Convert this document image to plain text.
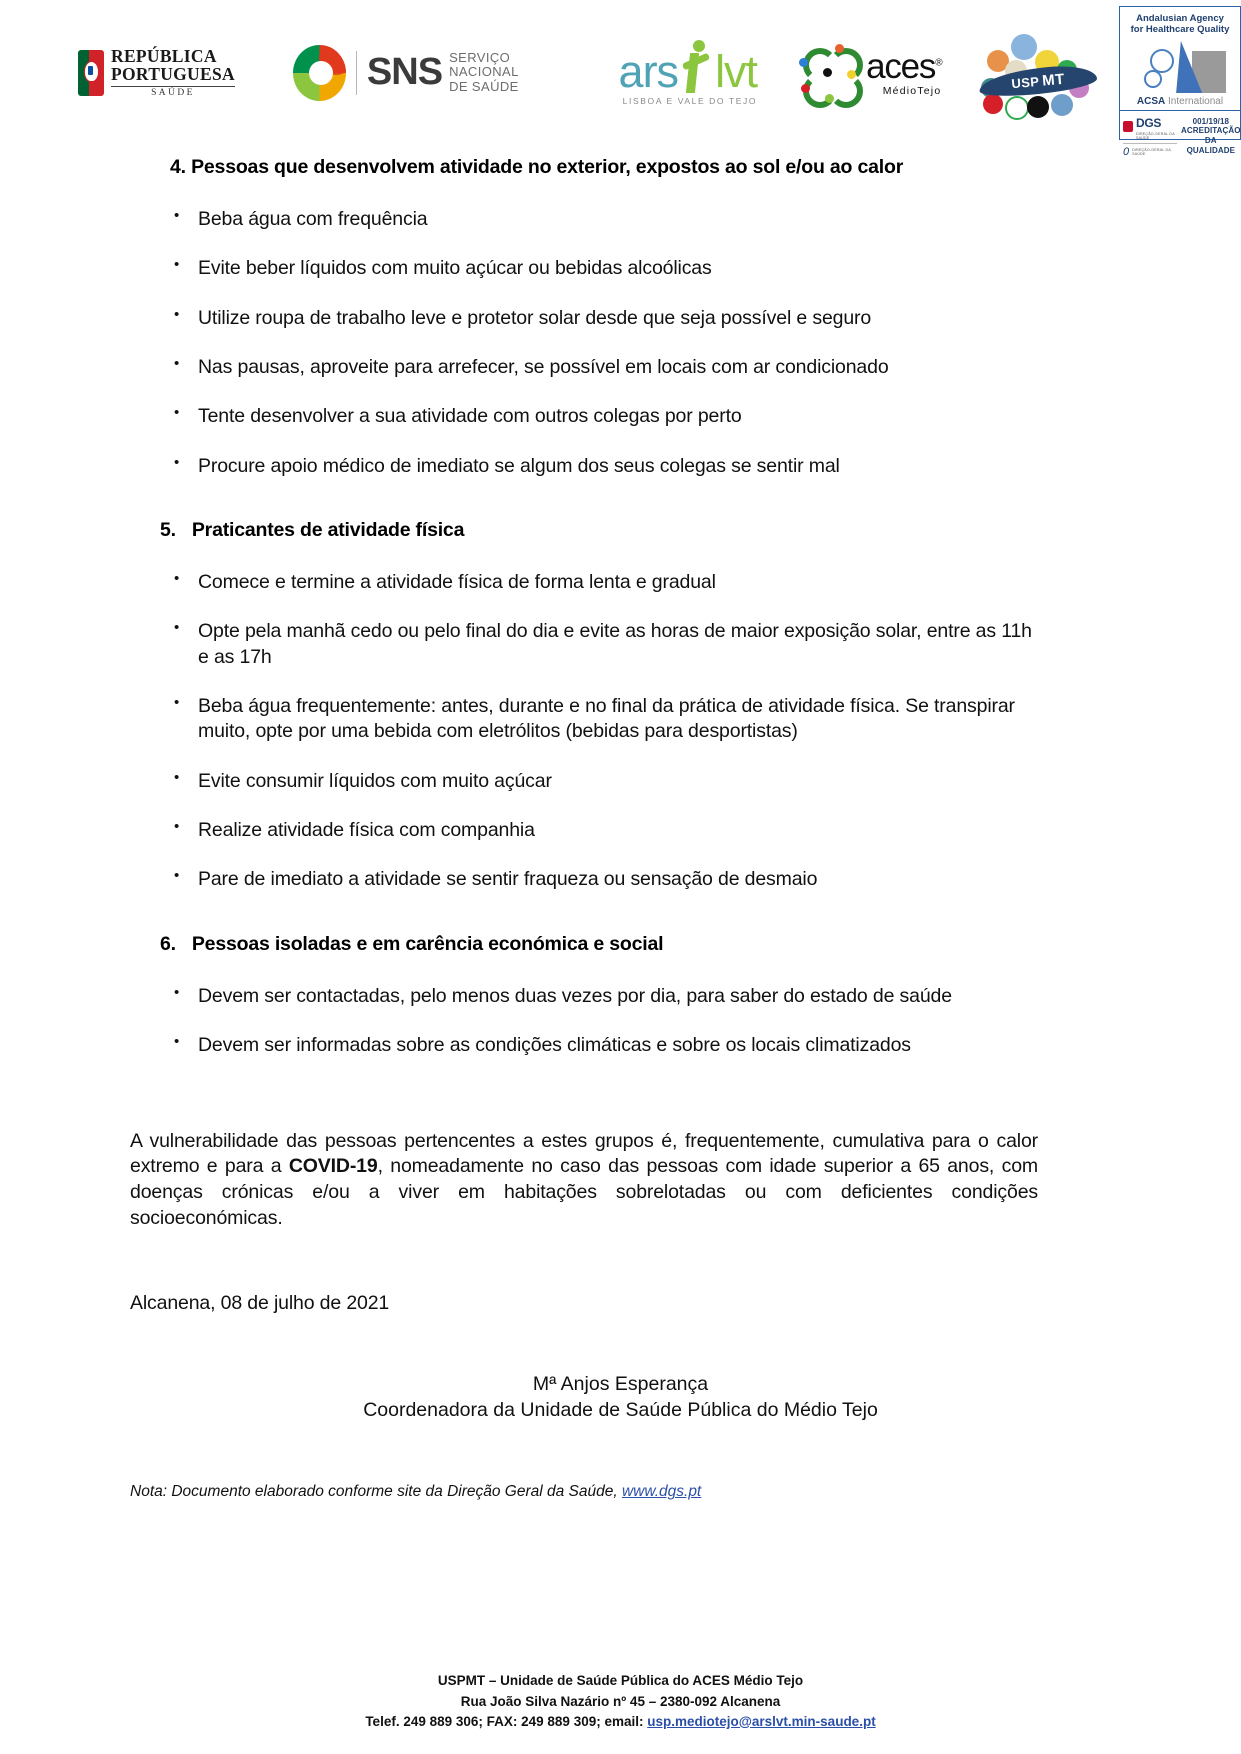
REPÚBLICA
PORTUGUESA
SAÚDE	SNS SERVIÇO NACIONAL
DE SAÚDE	ars lvt
LISBOA E VALE DO TEJO
aces®
MédioTejo
USP MT
Andalusian Agency
for Healthcare Quality
ACSA International
DGS
DIREÇÃO-GERAL DA SAÚDE
0 DIREÇÃO-GERAL DA SAÚDE
001/19/18
ACREDITAÇÃO
DA QUALIDADE
4. Pessoas que desenvolvem atividade no exterior, expostos ao sol e/ou ao calor
• Beba água com frequência
• Evite beber líquidos com muito açúcar ou bebidas alcoólicas
• Utilize roupa de trabalho leve e protetor solar desde que seja possível e seguro
• Nas pausas, aproveite para arrefecer, se possível em locais com ar condicionado
• Tente desenvolver a sua atividade com outros colegas por perto
• Procure apoio médico de imediato se algum dos seus colegas se sentir mal
5. Praticantes de atividade física
• Comece e termine a atividade física de forma lenta e gradual
• Opte pela manhã cedo ou pelo final do dia e evite as horas de maior exposição solar, entre as 11h e as 17h
• Beba água frequentemente: antes, durante e no final da prática de atividade física. Se transpirar muito, opte por uma bebida com eletrólitos (bebidas para desportistas)
• Evite consumir líquidos com muito açúcar
• Realize atividade física com companhia
• Pare de imediato a atividade se sentir fraqueza ou sensação de desmaio
6. Pessoas isoladas e em carência económica e social
• Devem ser contactadas, pelo menos duas vezes por dia, para saber do estado de saúde
• Devem ser informadas sobre as condições climáticas e sobre os locais climatizados
A vulnerabilidade das pessoas pertencentes a estes grupos é, frequentemente, cumulativa para o calor extremo e para a COVID-19, nomeadamente no caso das pessoas com idade superior a 65 anos, com doenças crónicas e/ou a viver em habitações sobrelotadas ou com deficientes condições socioeconómicas.
Alcanena, 08 de julho de 2021
Mª Anjos Esperança
Coordenadora da Unidade de Saúde Pública do Médio Tejo
Nota: Documento elaborado conforme site da Direção Geral da Saúde, www.dgs.pt
USPMT – Unidade de Saúde Pública do ACES Médio Tejo
Rua João Silva Nazário nº 45 – 2380-092 Alcanena
Telef. 249 889 306; FAX: 249 889 309; email: usp.mediotejo@arslvt.min-saude.pt
